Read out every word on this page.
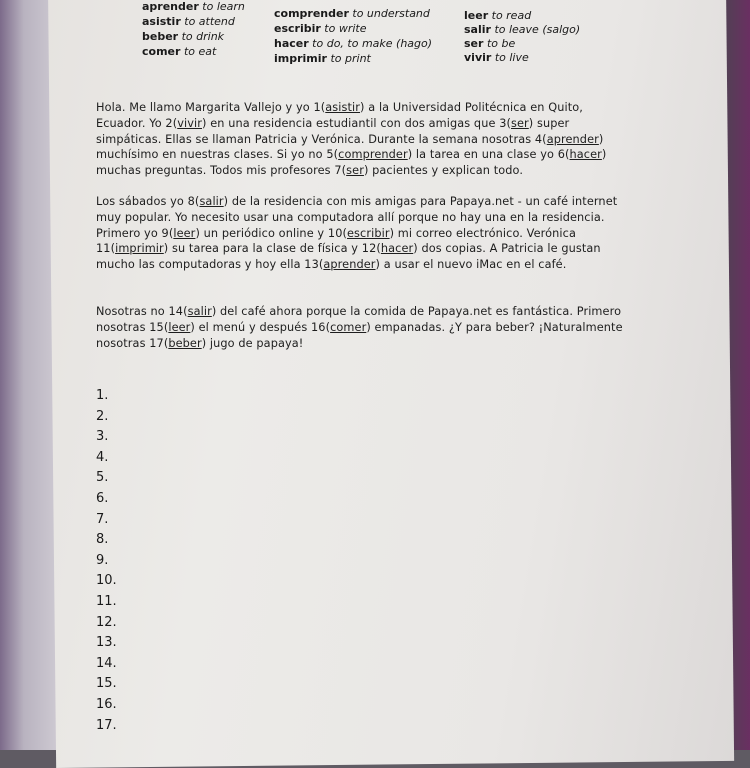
aprender to learn
asistir to attend
beber to drink
comer to eat
comprender to understand
escribir to write
hacer to do, to make (hago)
imprimir to print
leer to read
salir to leave (salgo)
ser to be
vivir to live

Hola. Me llamo Margarita Vallejo y yo 1(asistir) a la Universidad Politécnica en Quito, Ecuador. Yo 2(vivir) en una residencia estudiantil con dos amigas que 3(ser) super simpáticas. Ellas se llaman Patricia y Verónica. Durante la semana nosotras 4(aprender) muchísimo en nuestras clases. Si yo no 5(comprender) la tarea en una clase yo 6(hacer) muchas preguntas. Todos mis profesores 7(ser) pacientes y explican todo.

Los sábados yo 8(salir) de la residencia con mis amigas para Papaya.net - un café internet muy popular. Yo necesito usar una computadora allí porque no hay una en la residencia. Primero yo 9(leer) un periódico online y 10(escribir) mi correo electrónico. Verónica 11(imprimir) su tarea para la clase de física y 12(hacer) dos copias. A Patricia le gustan mucho las computadoras y hoy ella 13(aprender) a usar el nuevo iMac en el café.

Nosotras no 14(salir) del café ahora porque la comida de Papaya.net es fantástica. Primero nosotras 15(leer) el menú y después 16(comer) empanadas. ¿Y para beber? ¡Naturalmente nosotras 17(beber) jugo de papaya!

1.
2.
3.
4.
5.
6.
7.
8.
9.
10.
11.
12.
13.
14.
15.
16.
17.
